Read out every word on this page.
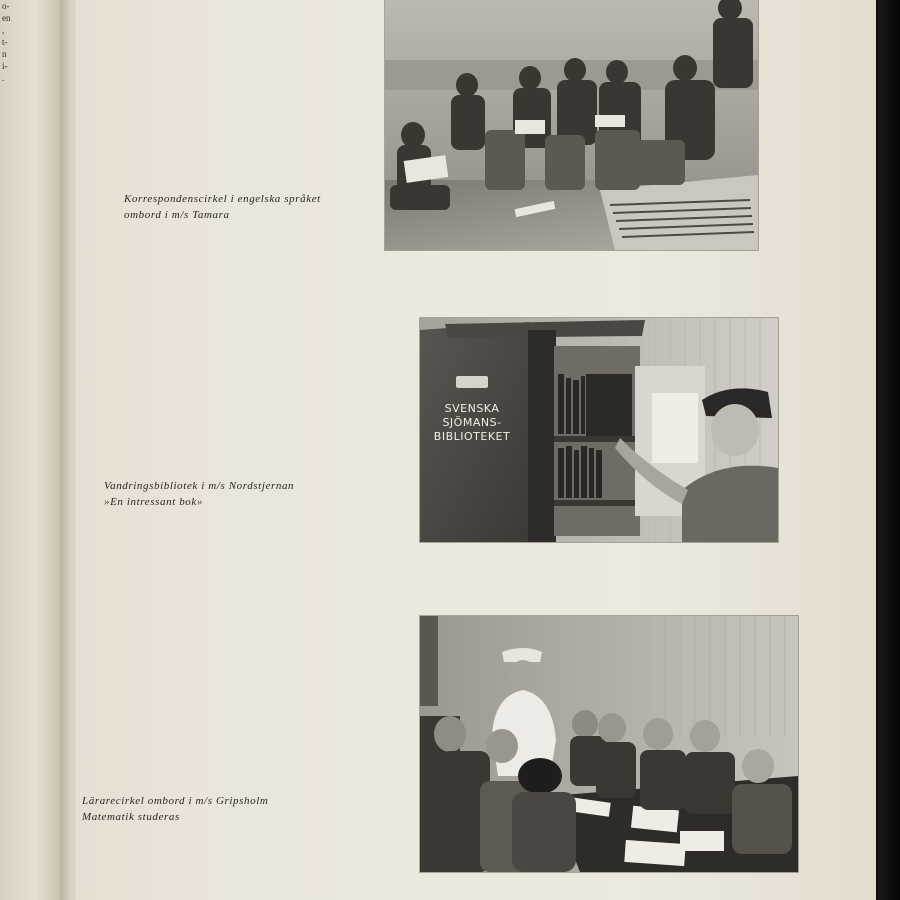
o-
en
,
t-
n
i-
.
Korrespondenscirkel i engelska språket
ombord i m/s Tamara
Vandringsbibliotek i m/s Nordstjernan
»En intressant bok»
SVENSKA
SJÖMANS-
BIBLIOTEKET
Lärarecirkel ombord i m/s Gripsholm
Matematik studeras
